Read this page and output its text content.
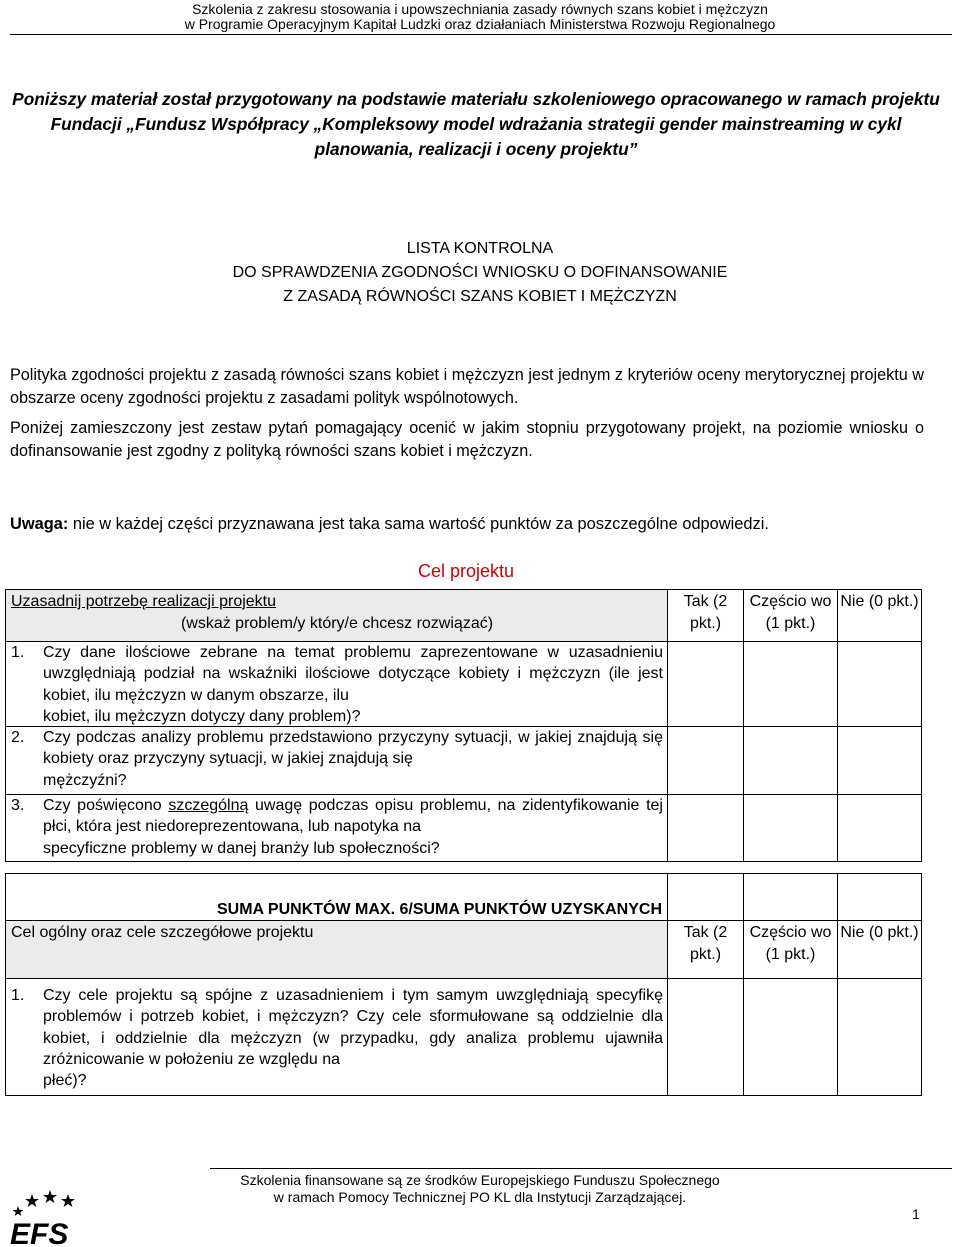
Szkolenia z zakresu stosowania i upowszechniania zasady równych szans kobiet i mężczyzn
w Programie Operacyjnym Kapitał Ludzki oraz działaniach Ministerstwa Rozwoju Regionalnego
Poniższy materiał został przygotowany na podstawie materiału szkoleniowego opracowanego w ramach projektu Fundacji „Fundusz Współpracy „Kompleksowy model wdrażania strategii gender mainstreaming w cykl planowania, realizacji i oceny projektu”
LISTA KONTROLNA
DO SPRAWDZENIA ZGODNOŚCI WNIOSKU O DOFINANSOWANIE
Z ZASADĄ RÓWNOŚCI SZANS KOBIET I MĘŻCZYZN
Polityka zgodności projektu z zasadą równości szans kobiet i mężczyzn jest jednym z kryteriów oceny merytorycznej projektu w obszarze oceny zgodności projektu z zasadami polityk wspólnotowych.
Poniżej zamieszczony jest zestaw pytań pomagający ocenić w jakim stopniu przygotowany projekt, na poziomie wniosku o dofinansowanie jest zgodny z polityką równości szans kobiet i mężczyzn.
Uwaga: nie w każdej części przyznawana jest taka sama wartość punktów za poszczególne odpowiedzi.
Cel projektu
Uzasadnij potrzebę realizacji projektu
(wskaż problem/y który/e chcesz rozwiązać)	Tak (2 pkt.)	Częścio wo (1 pkt.)	Nie (0 pkt.)

1. Czy dane ilościowe zebrane na temat problemu zaprezentowane w uzasadnieniu uwzględniają podział na wskaźniki ilościowe dotyczące kobiety i mężczyzn (ile jest kobiet, ilu mężczyzn w danym obszarze, ilu
kobiet, ilu mężczyzn dotyczy dany problem)?			

2. Czy podczas analizy problemu przedstawiono przyczyny sytuacji, w jakiej znajdują się kobiety oraz przyczyny sytuacji, w jakiej znajdują się
mężczyźni?			

3. Czy poświęcono szczególną uwagę podczas opisu problemu, na zidentyfikowanie tej płci, która jest niedoreprezentowana, lub napotyka na
specyficzne problemy w danej branży lub społeczności?			

SUMA PUNKTÓW MAX. 6/SUMA PUNKTÓW UZYSKANYCH			
Cel ogólny oraz cele szczegółowe projektu	Tak (2 pkt.)	Częścio wo (1 pkt.)	Nie (0 pkt.)

1. Czy cele projektu są spójne z uzasadnieniem i tym samym uwzględniają specyfikę problemów i potrzeb kobiet, i mężczyzn? Czy cele sformułowane są oddzielnie dla kobiet, i oddzielnie dla mężczyzn (w przypadku, gdy analiza problemu ujawniła zróżnicowanie w położeniu ze względu na
płeć)?			

Szkolenia finansowane są ze środków Europejskiego Funduszu Społecznego
w ramach Pomocy Technicznej PO KL dla Instytucji Zarządzającej.
1
EFS
